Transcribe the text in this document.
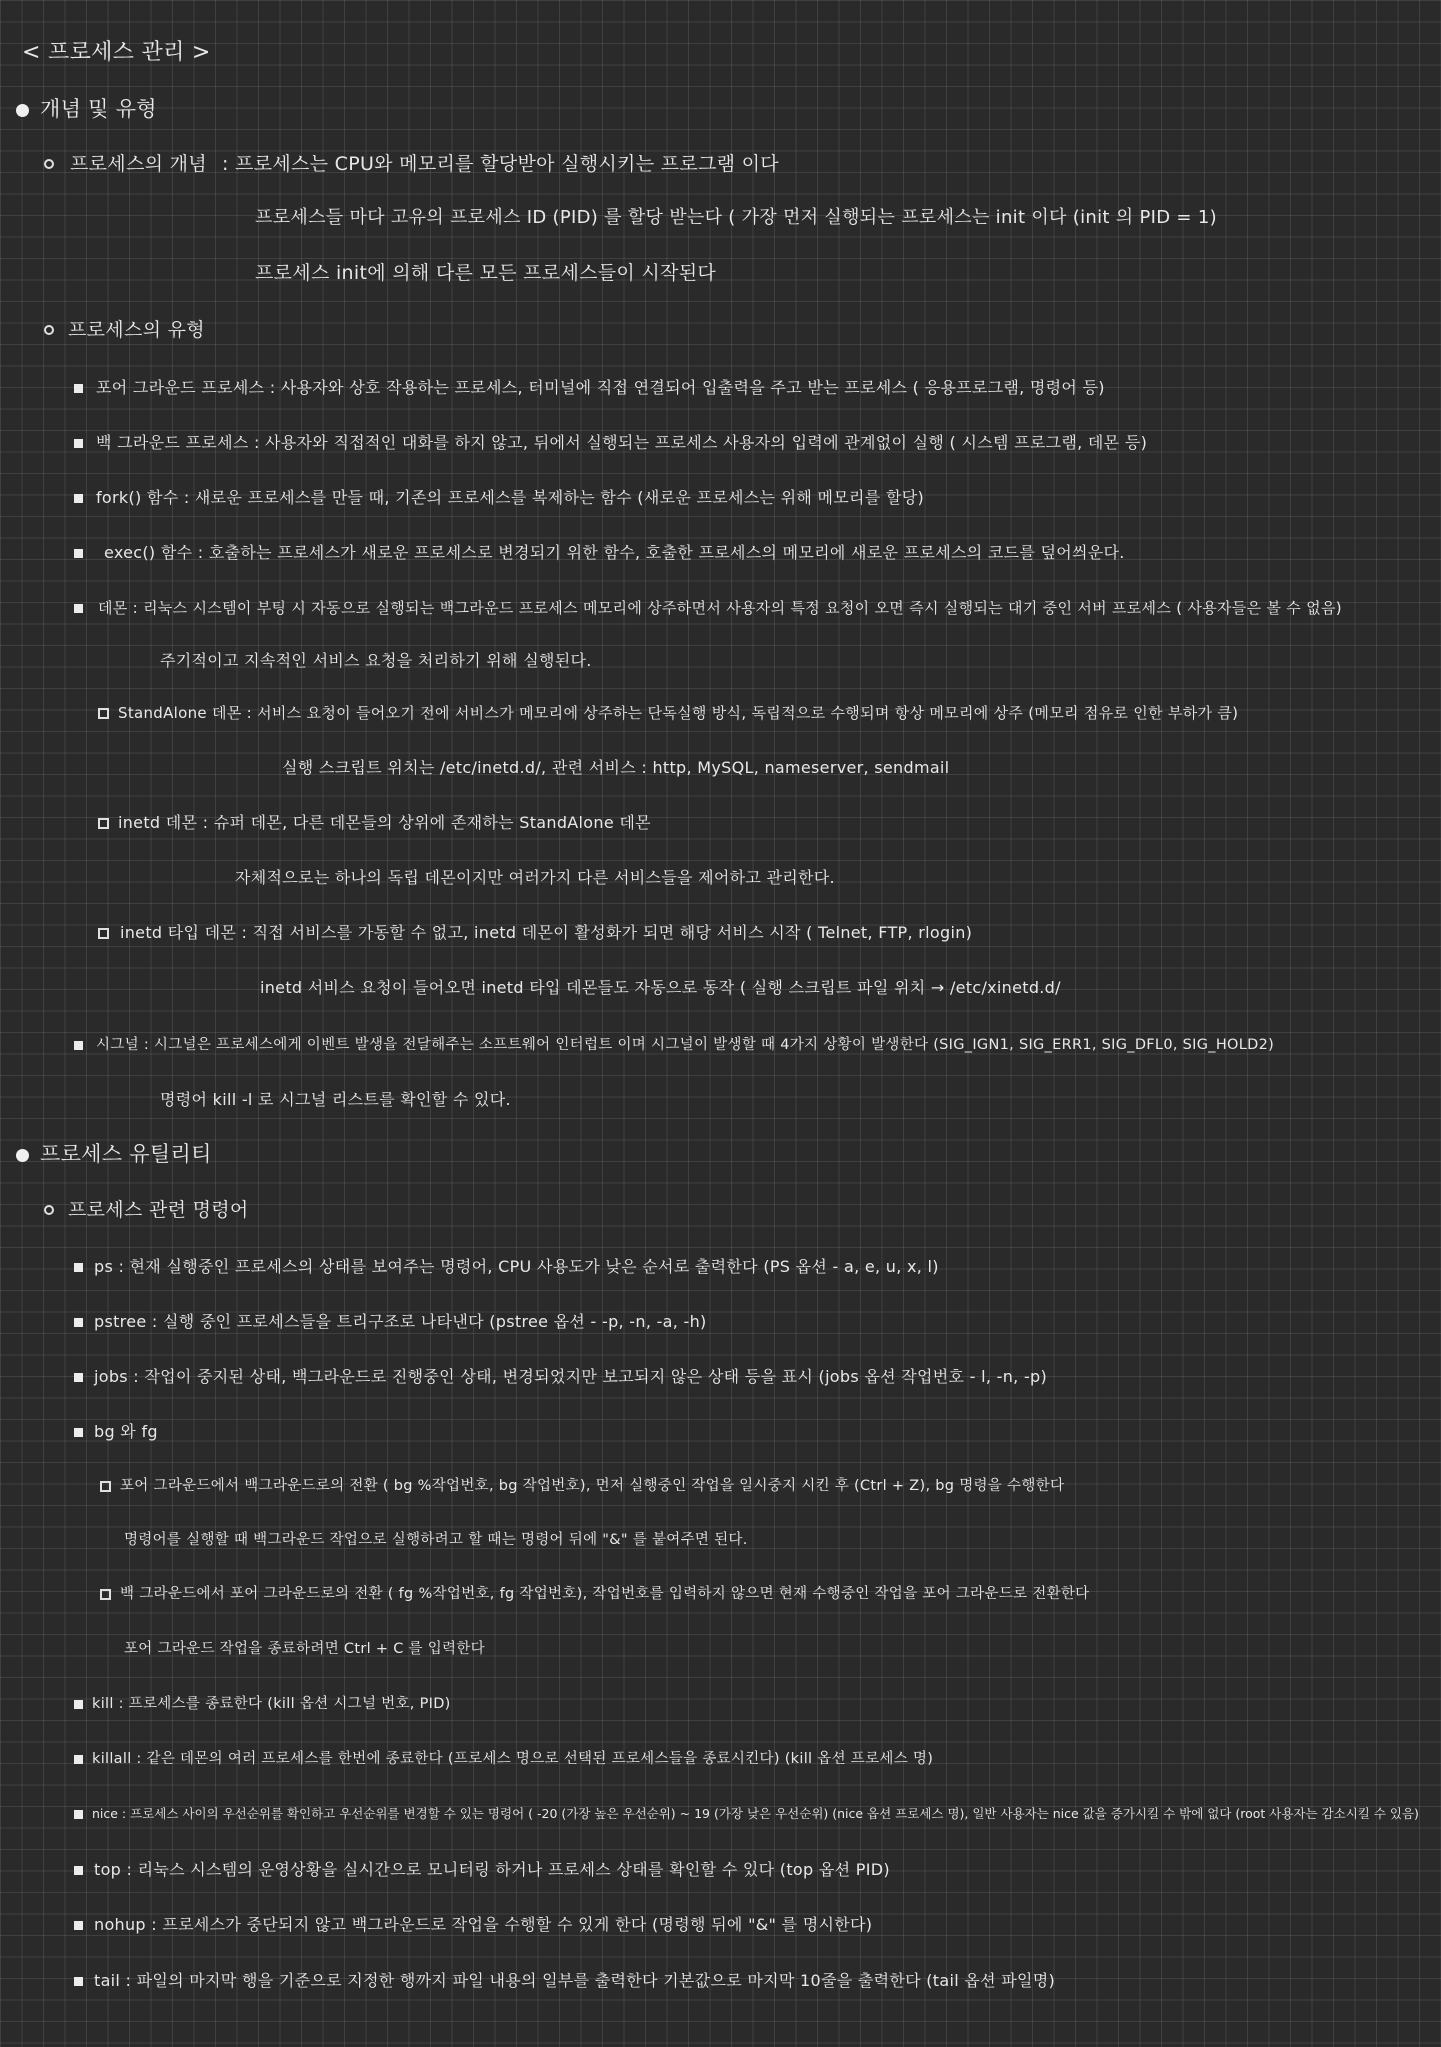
< 프로세스 관리 >
개념 및 유형
프로세스의 개념 : 프로세스는 CPU와 메모리를 할당받아 실행시키는 프로그램 이다
프로세스들 마다 고유의 프로세스 ID (PID) 를 할당 받는다 ( 가장 먼저 실행되는 프로세스는 init 이다 (init 의 PID = 1)
프로세스 init에 의해 다른 모든 프로세스들이 시작된다
프로세스의 유형
포어 그라운드 프로세스 : 사용자와 상호 작용하는 프로세스, 터미널에 직접 연결되어 입출력을 주고 받는 프로세스 ( 응용프로그램, 명령어 등)
백 그라운드 프로세스 : 사용자와 직접적인 대화를 하지 않고, 뒤에서 실행되는 프로세스 사용자의 입력에 관계없이 실행 ( 시스템 프로그램, 데몬 등)
fork() 함수 : 새로운 프로세스를 만들 때, 기존의 프로세스를 복제하는 함수 (새로운 프로세스는 위해 메모리를 할당)
exec() 함수 : 호출하는 프로세스가 새로운 프로세스로 변경되기 위한 함수, 호출한 프로세스의 메모리에 새로운 프로세스의 코드를 덮어씌운다.
데몬 : 리눅스 시스템이 부팅 시 자동으로 실행되는 백그라운드 프로세스 메모리에 상주하면서 사용자의 특정 요청이 오면 즉시 실행되는 대기 중인 서버 프로세스 ( 사용자들은 볼 수 없음)
주기적이고 지속적인 서비스 요청을 처리하기 위해 실행된다.
StandAlone 데몬 : 서비스 요청이 들어오기 전에 서비스가 메모리에 상주하는 단독실행 방식, 독립적으로 수행되며 항상 메모리에 상주 (메모리 점유로 인한 부하가 큼)
실행 스크립트 위치는 /etc/inetd.d/, 관련 서비스 : http, MySQL, nameserver, sendmail
inetd 데몬 : 슈퍼 데몬, 다른 데몬들의 상위에 존재하는 StandAlone 데몬
자체적으로는 하나의 독립 데몬이지만 여러가지 다른 서비스들을 제어하고 관리한다.
inetd 타입 데몬 : 직접 서비스를 가동할 수 없고, inetd 데몬이 활성화가 되면 해당 서비스 시작 ( Telnet, FTP, rlogin)
inetd 서비스 요청이 들어오면 inetd 타입 데몬들도 자동으로 동작 ( 실행 스크립트 파일 위치 → /etc/xinetd.d/
시그널 : 시그널은 프로세스에게 이벤트 발생을 전달해주는 소프트웨어 인터럽트 이며 시그널이 발생할 때 4가지 상황이 발생한다 (SIG_IGN1, SIG_ERR1, SIG_DFL0, SIG_HOLD2)
명령어 kill -l 로 시그널 리스트를 확인할 수 있다.
프로세스 유틸리티
프로세스 관련 명령어
ps : 현재 실행중인 프로세스의 상태를 보여주는 명령어, CPU 사용도가 낮은 순서로 출력한다 (PS 옵션 - a, e, u, x, l)
pstree : 실행 중인 프로세스들을 트리구조로 나타낸다 (pstree 옵션 - -p, -n, -a, -h)
jobs : 작업이 중지된 상태, 백그라운드로 진행중인 상태, 변경되었지만 보고되지 않은 상태 등을 표시 (jobs 옵션 작업번호 - l, -n, -p)
bg 와 fg
포어 그라운드에서 백그라운드로의 전환 ( bg %작업번호, bg 작업번호), 먼저 실행중인 작업을 일시중지 시킨 후 (Ctrl + Z), bg 명령을 수행한다
명령어를 실행할 때 백그라운드 작업으로 실행하려고 할 때는 명령어 뒤에 "&" 를 붙여주면 된다.
백 그라운드에서 포어 그라운드로의 전환 ( fg %작업번호, fg 작업번호), 작업번호를 입력하지 않으면 현재 수행중인 작업을 포어 그라운드로 전환한다
포어 그라운드 작업을 종료하려면 Ctrl + C 를 입력한다
kill : 프로세스를 종료한다 (kill 옵션 시그널 번호, PID)
killall : 같은 데몬의 여러 프로세스를 한번에 종료한다 (프로세스 명으로 선택된 프로세스들을 종료시킨다) (kill 옵션 프로세스 명)
nice : 프로세스 사이의 우선순위를 확인하고 우선순위를 변경할 수 있는 명령어 ( -20 (가장 높은 우선순위) ~ 19 (가장 낮은 우선순위) (nice 옵션 프로세스 명), 일반 사용자는 nice 값을 증가시킬 수 밖에 없다 (root 사용자는 감소시킬 수 있음)
top : 리눅스 시스템의 운영상황을 실시간으로 모니터링 하거나 프로세스 상태를 확인할 수 있다 (top 옵션 PID)
nohup : 프로세스가 중단되지 않고 백그라운드로 작업을 수행할 수 있게 한다 (명령행 뒤에 "&" 를 명시한다)
tail : 파일의 마지막 행을 기준으로 지정한 행까지 파일 내용의 일부를 출력한다 기본값으로 마지막 10줄을 출력한다 (tail 옵션 파일명)
